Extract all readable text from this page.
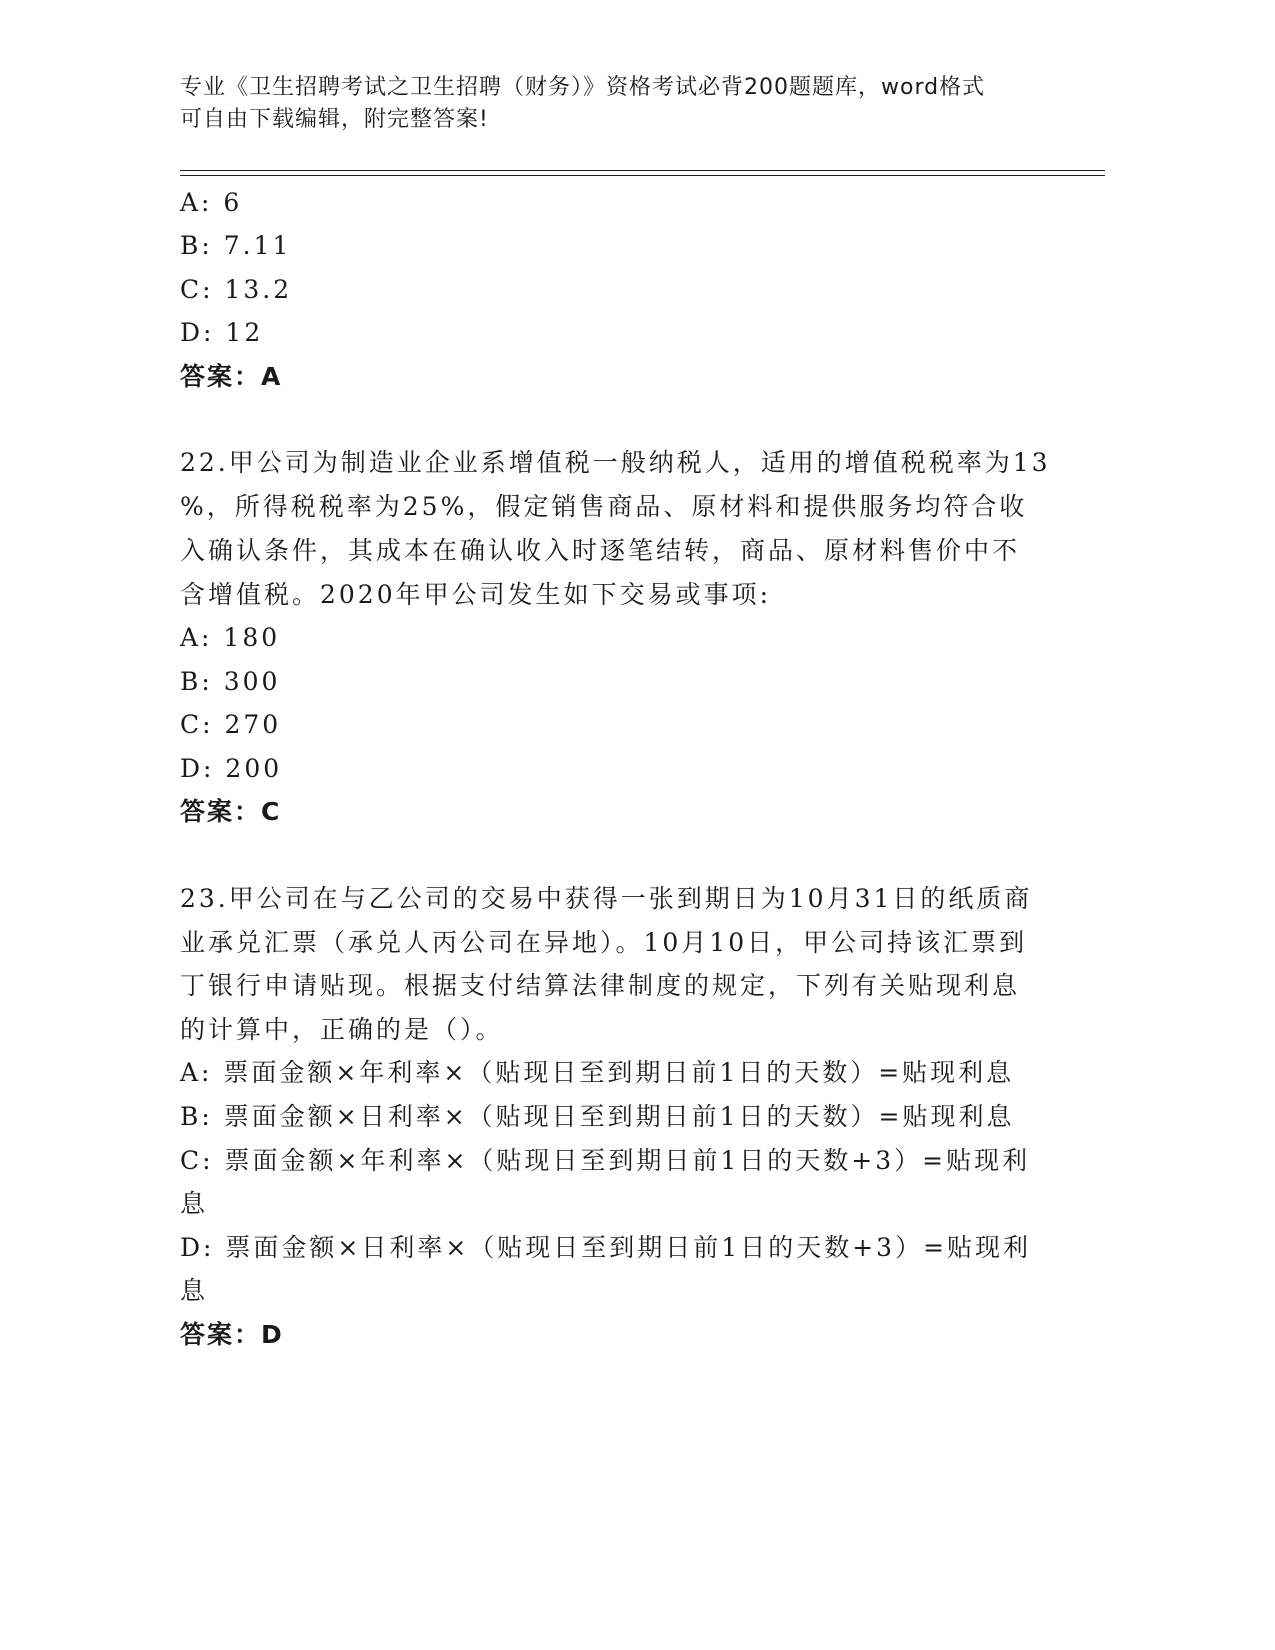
专业《卫生招聘考试之卫生招聘（财务）》资格考试必背200题题库，word格式
可自由下载编辑，附完整答案!
A: 6
B: 7.11
C: 13.2
D: 12
答案：A
22.甲公司为制造业企业系增值税一般纳税人，适用的增值税税率为13
%，所得税税率为25%，假定销售商品、原材料和提供服务均符合收
入确认条件，其成本在确认收入时逐笔结转，商品、原材料售价中不
含增值税。2020年甲公司发生如下交易或事项:
A: 180
B: 300
C: 270
D: 200
答案：C
23.甲公司在与乙公司的交易中获得一张到期日为10月31日的纸质商
业承兑汇票（承兑人丙公司在异地）。10月10日，甲公司持该汇票到
丁银行申请贴现。根据支付结算法律制度的规定，下列有关贴现利息
的计算中，正确的是（）。
A: 票面金额×年利率×（贴现日至到期日前1日的天数）=贴现利息
B: 票面金额×日利率×（贴现日至到期日前1日的天数）=贴现利息
C: 票面金额×年利率×（贴现日至到期日前1日的天数+3）=贴现利
息
D: 票面金额×日利率×（贴现日至到期日前1日的天数+3）=贴现利
息
答案：D
